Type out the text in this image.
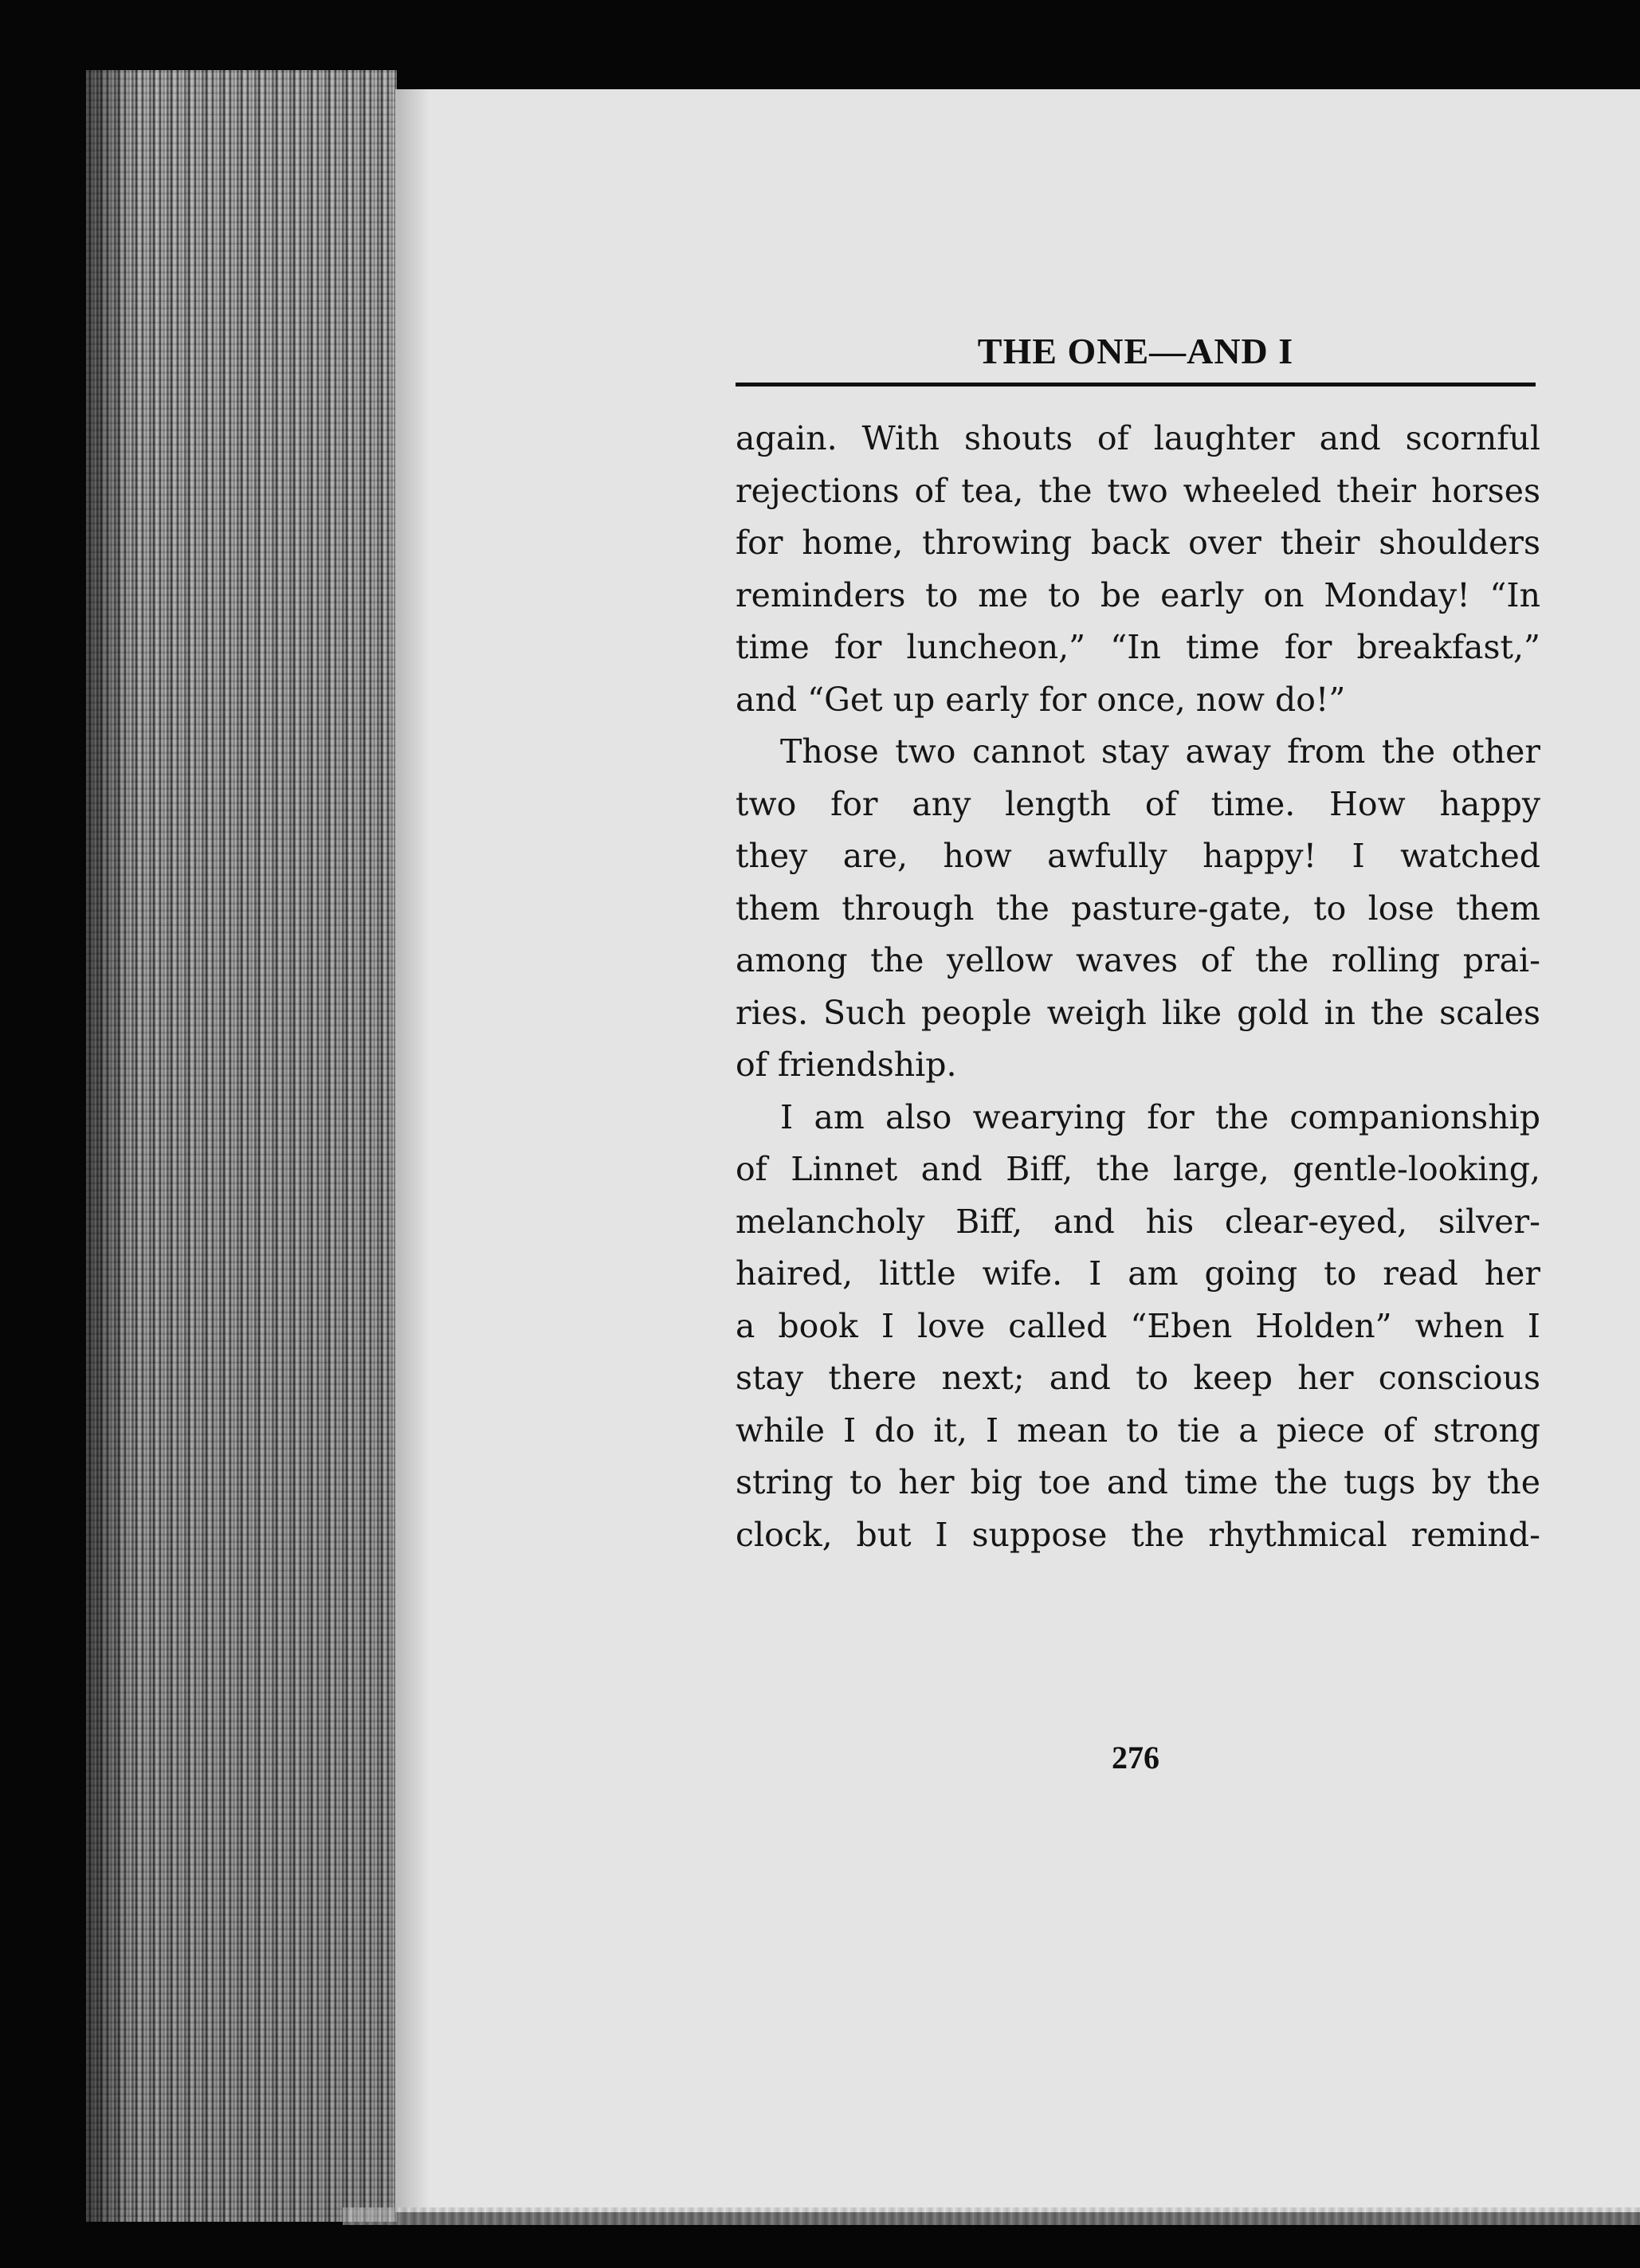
THE ONE—AND I

again. With shouts of laughter and scornful

rejections of tea, the two wheeled their horses

for home, throwing back over their shoulders

reminders to me to be early on Monday! “In

time for luncheon,” “In time for breakfast,”

and “Get up early for once, now do!”

Those two cannot stay away from the other

two for any length of time. How happy

they are, how awfully happy! I watched

them through the pasture-gate, to lose them

among the yellow waves of the rolling prai-

ries. Such people weigh like gold in the scales

of friendship.

I am also wearying for the companionship

of Linnet and Biff, the large, gentle-looking,

melancholy Biff, and his clear-eyed, silver-

haired, little wife. I am going to read her

a book I love called “Eben Holden” when I

stay there next; and to keep her conscious

while I do it, I mean to tie a piece of strong

string to her big toe and time the tugs by the

clock, but I suppose the rhythmical remind-

276
